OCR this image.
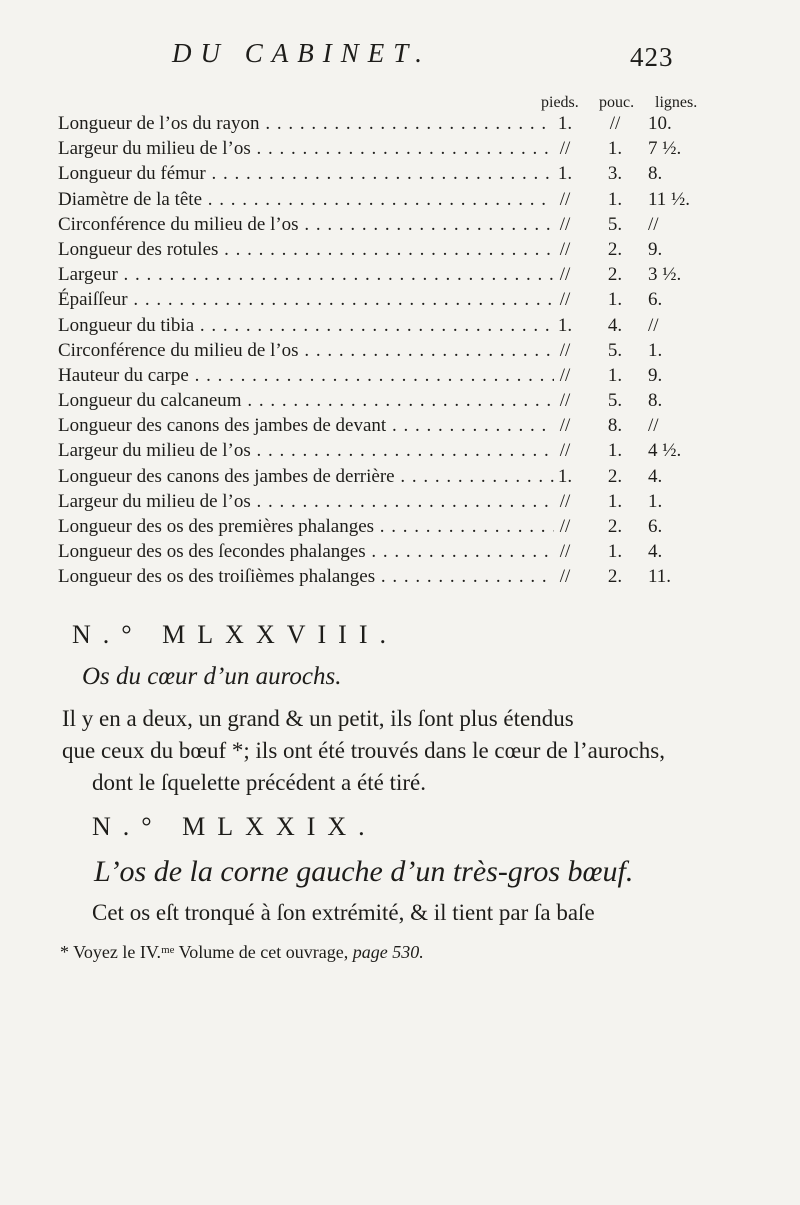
DU CABINET.	423
pieds. pouc. lignes.
Longueur de l’os du rayon . . .	1.	//	10.
Largeur du milieu de l’os . . .	//	1.	7 ½.
Longueur du fémur . . .	1.	3.	8.
Diamètre de la tête . . .	//	1.	11 ½.
Circonférence du milieu de l’os . . .	//	5.	//
Longueur des rotules . . .	//	2.	9.
Largeur . . .	//	2.	3 ½.
Épaiſſeur . . .	//	1.	6.
Longueur du tibia . . .	1.	4.	//
Circonférence du milieu de l’os . . .	//	5.	1.
Hauteur du carpe . . .	//	1.	9.
Longueur du calcaneum . . .	//	5.	8.
Longueur des canons des jambes de devant . . .	//	8.	//
Largeur du milieu de l’os . . .	//	1.	4 ½.
Longueur des canons des jambes de derrière . . .	1.	2.	4.
Largeur du milieu de l’os . . .	//	1.	1.
Longueur des os des premières phalanges . . .	//	2.	6.
Longueur des os des ſecondes phalanges . . .	//	1.	4.
Longueur des os des troiſièmes phalanges . . .	//	2.	11.
N.° MLXXVIII.
Os du cœur d’un aurochs.
Il y en a deux, un grand & un petit, ils ſont plus étendus
que ceux du bœuf *; ils ont été trouvés dans le cœur de l’aurochs,
dont le ſquelette précédent a été tiré.
N.° MLXXIX.
L’os de la corne gauche d’un très-gros bœuf.
Cet os eſt tronqué à ſon extrémité, & il tient par ſa baſe
* Voyez le IV.ᵐᵉ Volume de cet ouvrage, page 530.
